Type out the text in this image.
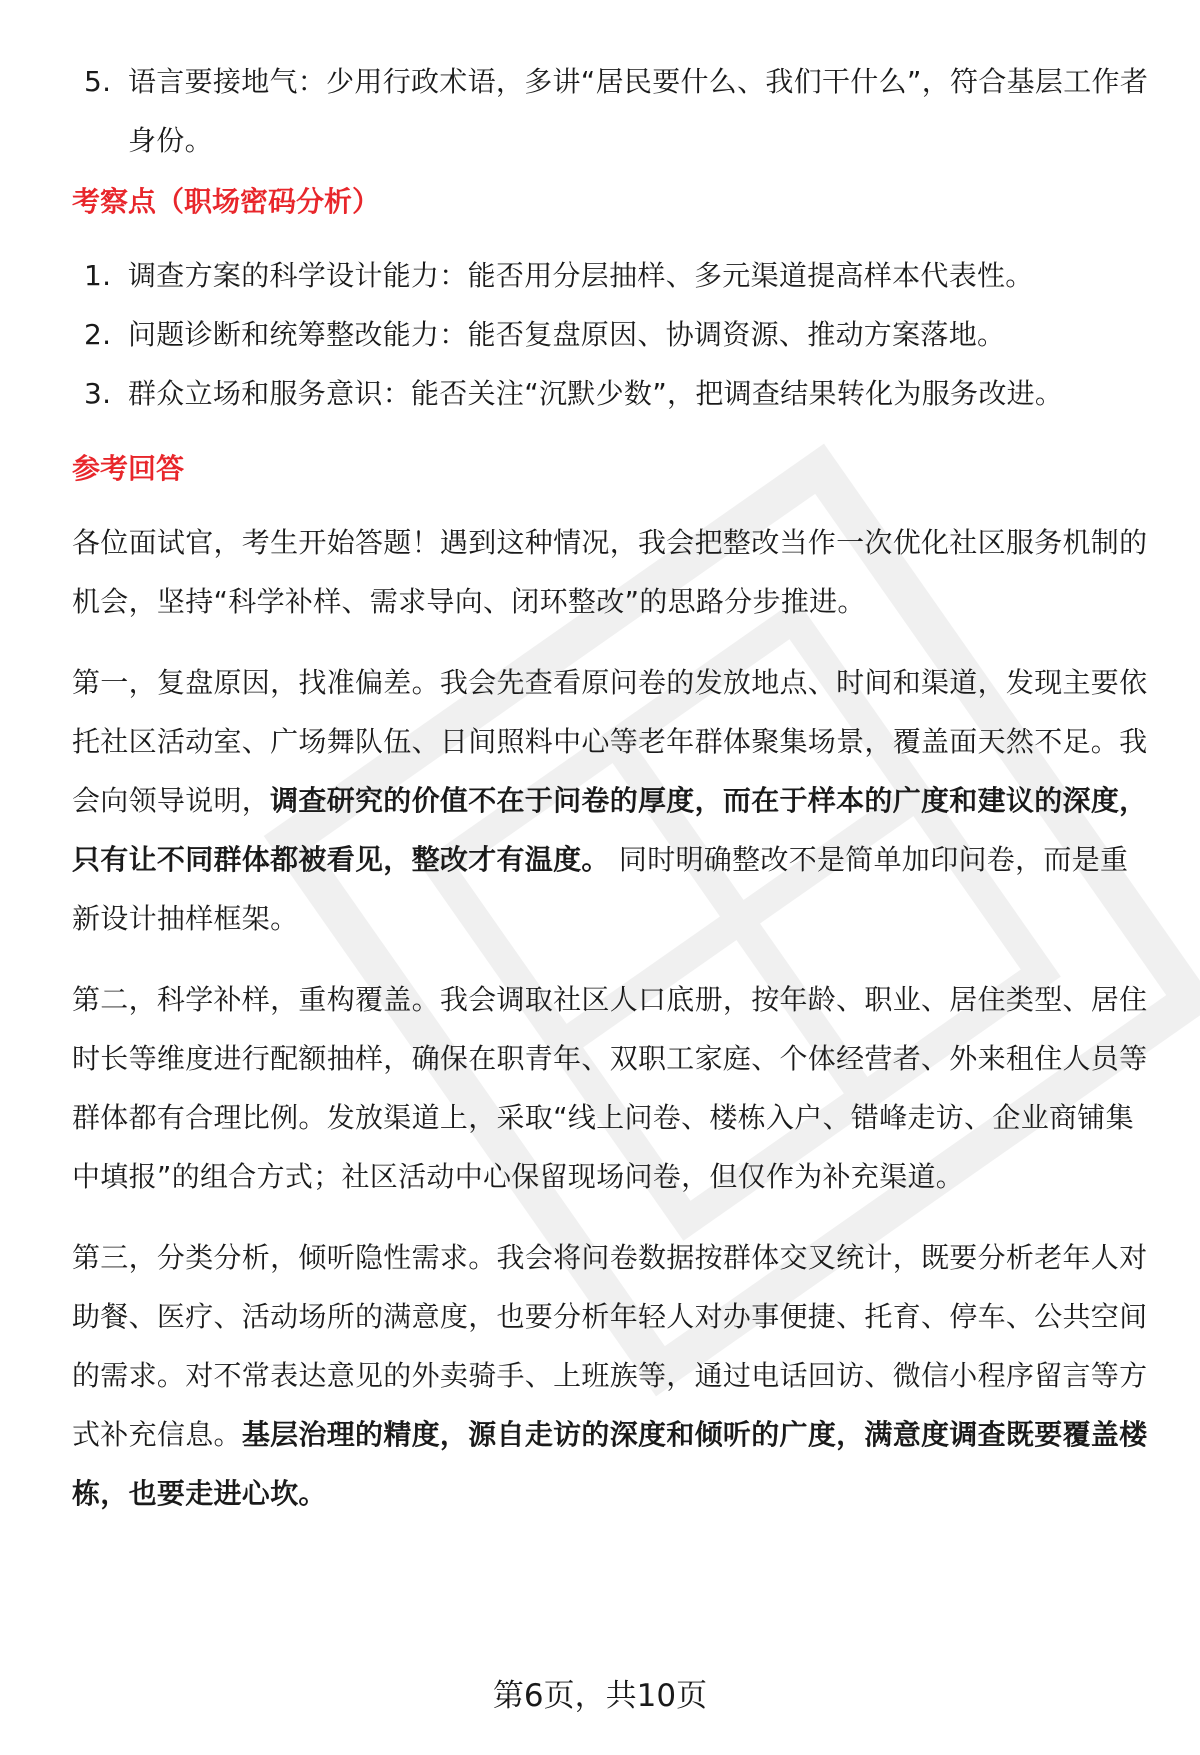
5. 语言要接地气：少用行政术语，多讲“居民要什么、我们干什么”，符合基层工作者身份。
考察点（职场密码分析）
1. 调查方案的科学设计能力：能否用分层抽样、多元渠道提高样本代表性。
2. 问题诊断和统筹整改能力：能否复盘原因、协调资源、推动方案落地。
3. 群众立场和服务意识：能否关注“沉默少数”，把调查结果转化为服务改进。
参考回答

各位面试官，考生开始答题！遇到这种情况，我会把整改当作一次优化社区服务机制的机会，坚持“科学补样、需求导向、闭环整改”的思路分步推进。

第一，复盘原因，找准偏差。我会先查看原问卷的发放地点、时间和渠道，发现主要依托社区活动室、广场舞队伍、日间照料中心等老年群体聚集场景，覆盖面天然不足。我会向领导说明，调查研究的价值不在于问卷的厚度，而在于样本的广度和建议的深度，只有让不同群体都被看见，整改才有温度。 同时明确整改不是简单加印问卷，而是重新设计抽样框架。

第二，科学补样，重构覆盖。我会调取社区人口底册，按年龄、职业、居住类型、居住时长等维度进行配额抽样，确保在职青年、双职工家庭、个体经营者、外来租住人员等群体都有合理比例。发放渠道上，采取“线上问卷、楼栋入户、错峰走访、企业商铺集中填报”的组合方式；社区活动中心保留现场问卷，但仅作为补充渠道。

第三，分类分析，倾听隐性需求。我会将问卷数据按群体交叉统计，既要分析老年人对助餐、医疗、活动场所的满意度，也要分析年轻人对办事便捷、托育、停车、公共空间的需求。对不常表达意见的外卖骑手、上班族等，通过电话回访、微信小程序留言等方式补充信息。基层治理的精度，源自走访的深度和倾听的广度，满意度调查既要覆盖楼栋，也要走进心坎。

第6页，共10页
